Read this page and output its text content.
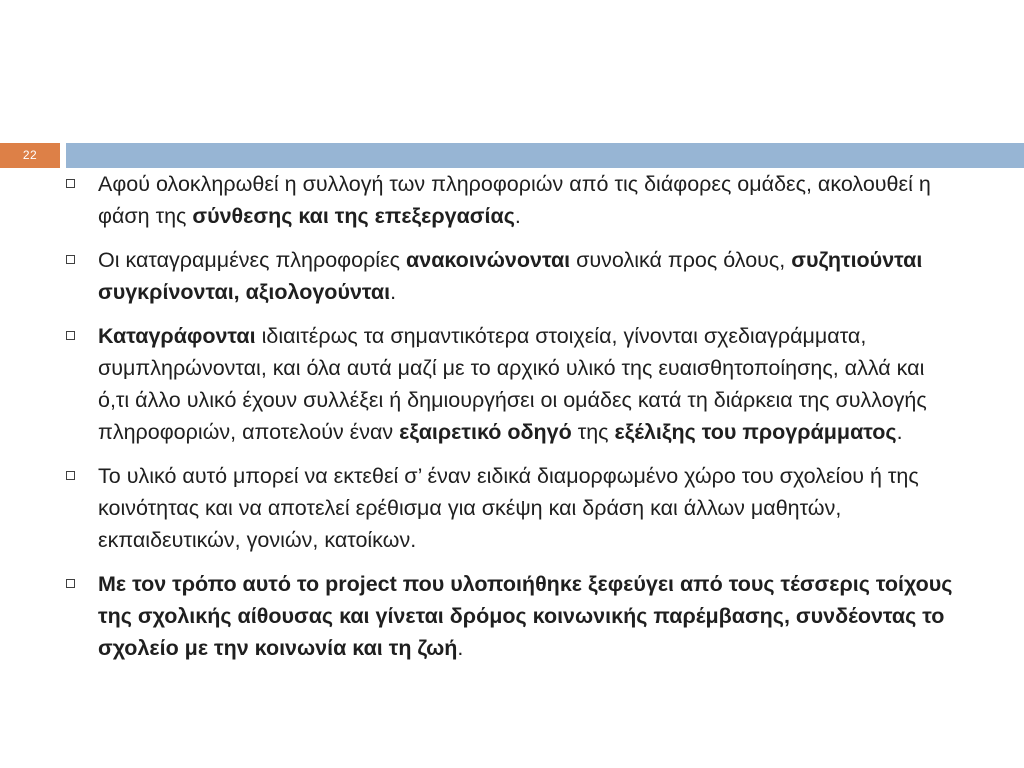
22
Αφού ολοκληρωθεί η συλλογή των πληροφοριών από τις διάφορες ομάδες, ακολουθεί η φάση της σύνθεσης και της επεξεργασίας.
Οι καταγραμμένες πληροφορίες ανακοινώνονται συνολικά προς όλους, συζητιούνται συγκρίνονται, αξιολογούνται.
Καταγράφονται ιδιαιτέρως τα σημαντικότερα στοιχεία, γίνονται σχεδιαγράμματα, συμπληρώνονται, και όλα αυτά μαζί με το αρχικό υλικό της ευαισθητοποίησης, αλλά και ό,τι άλλο υλικό έχουν συλλέξει ή δημιουργήσει οι ομάδες κατά τη διάρκεια της συλλογής πληροφοριών, αποτελούν έναν εξαιρετικό οδηγό της εξέλιξης του προγράμματος.
Το υλικό αυτό μπορεί να εκτεθεί σ’ έναν ειδικά διαμορφωμένο χώρο του σχολείου ή της κοινότητας και να αποτελεί ερέθισμα για σκέψη και δράση και άλλων μαθητών, εκπαιδευτικών, γονιών, κατοίκων.
Με τον τρόπο αυτό το project που υλοποιήθηκε ξεφεύγει από τους τέσσερις τοίχους της σχολικής αίθουσας και γίνεται δρόμος κοινωνικής παρέμβασης, συνδέοντας το σχολείο με την κοινωνία και τη ζωή.
